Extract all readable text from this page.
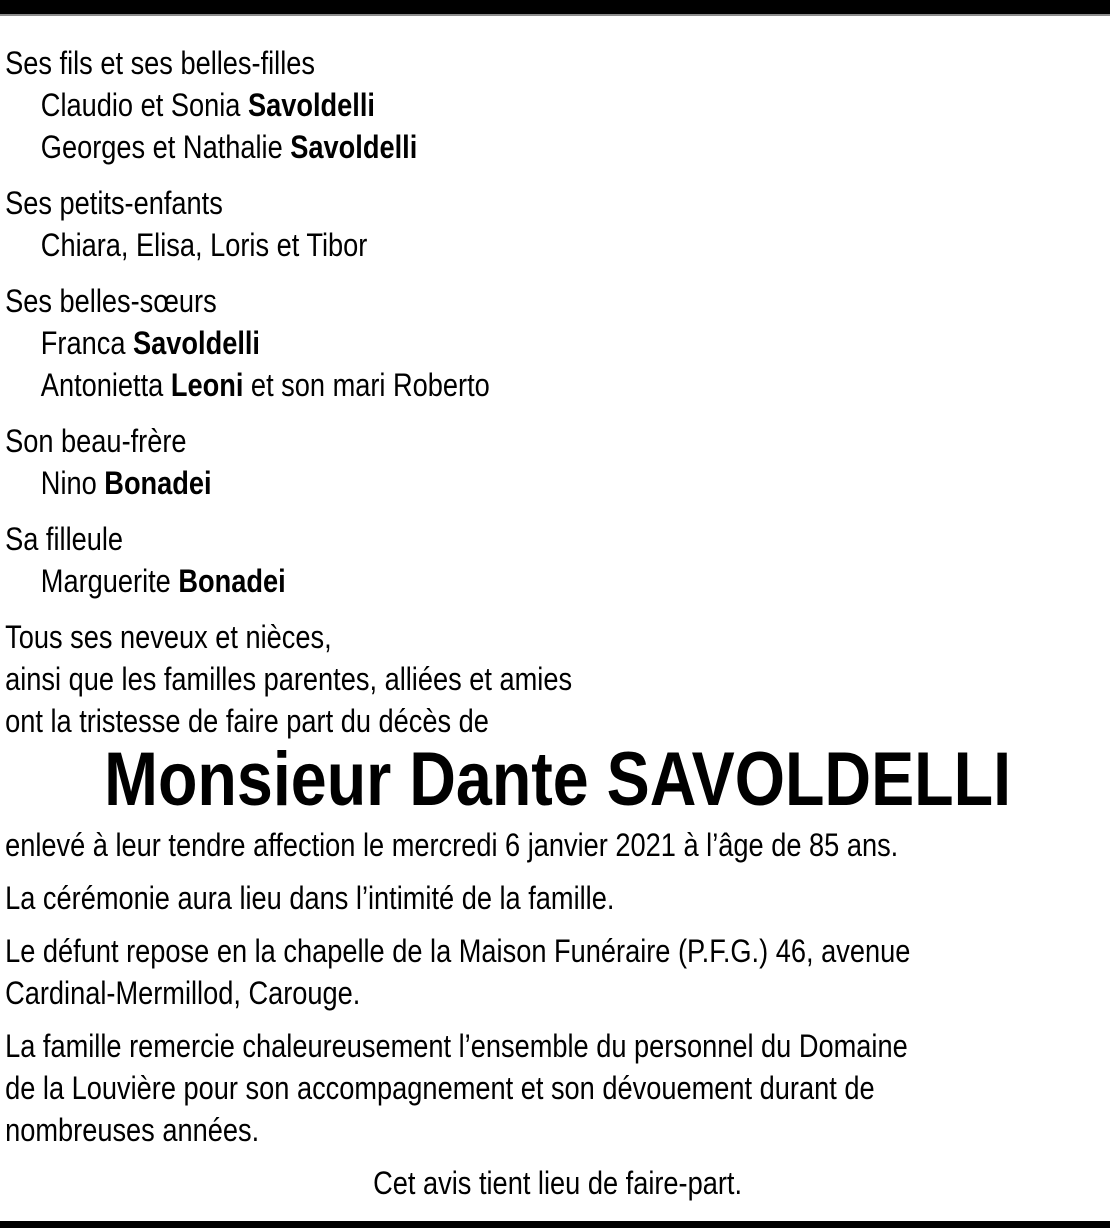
Ses fils et ses belles-filles
Claudio et Sonia Savoldelli
Georges et Nathalie Savoldelli
Ses petits-enfants
Chiara, Elisa, Loris et Tibor
Ses belles-sœurs
Franca Savoldelli
Antonietta Leoni et son mari Roberto
Son beau-frère
Nino Bonadei
Sa filleule
Marguerite Bonadei
Tous ses neveux et nièces,
ainsi que les familles parentes, alliées et amies
ont la tristesse de faire part du décès de
Monsieur Dante SAVOLDELLI
enlevé à leur tendre affection le mercredi 6 janvier 2021 à l’âge de 85 ans.
La cérémonie aura lieu dans l’intimité de la famille.
Le défunt repose en la chapelle de la Maison Funéraire (P.F.G.) 46, avenue
Cardinal-Mermillod, Carouge.
La famille remercie chaleureusement l’ensemble du personnel du Domaine
de la Louvière pour son accompagnement et son dévouement durant de
nombreuses années.
Cet avis tient lieu de faire-part.
